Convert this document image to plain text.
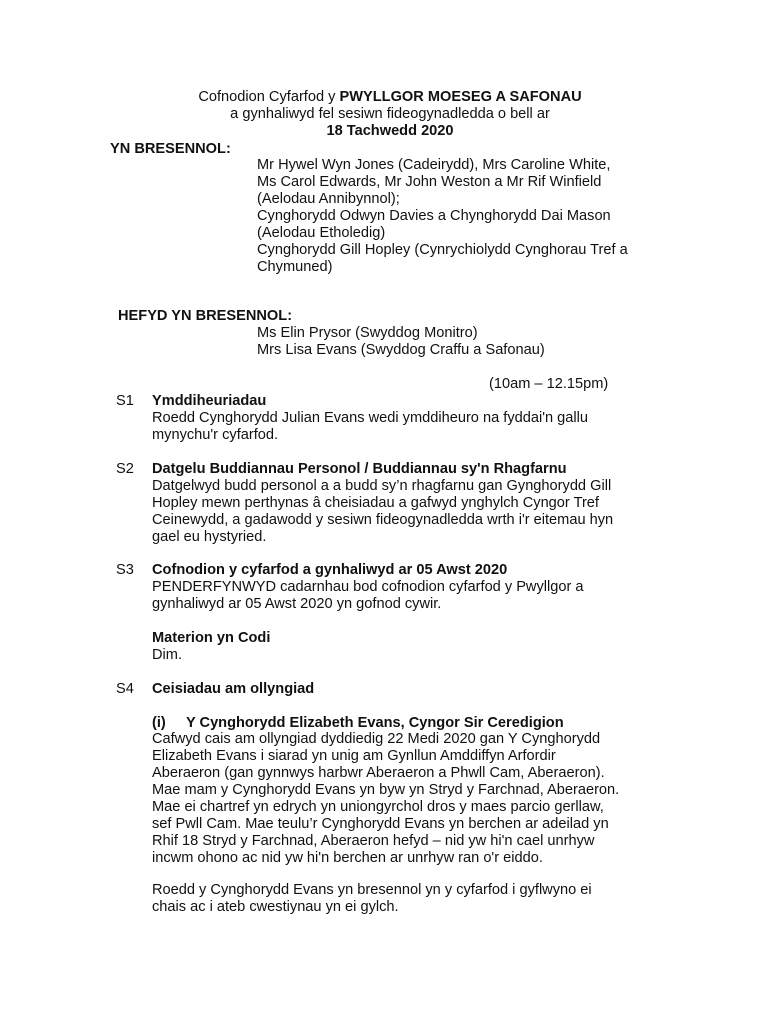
Cofnodion Cyfarfod y PWYLLGOR MOESEG A SAFONAU
a gynhaliwyd fel sesiwn fideogynadledda o bell ar
18 Tachwedd 2020
YN BRESENNOL:
Mr Hywel Wyn Jones (Cadeirydd), Mrs Caroline White,
Ms Carol Edwards, Mr John Weston a Mr Rif Winfield
(Aelodau Annibynnol);
Cynghorydd Odwyn Davies a Chynghorydd Dai Mason
(Aelodau Etholedig)
Cynghorydd Gill Hopley (Cynrychiolydd Cynghorau Tref a
Chymuned)
HEFYD YN BRESENNOL:
Ms Elin Prysor (Swyddog Monitro)
Mrs Lisa Evans (Swyddog Craffu a Safonau)
(10am – 12.15pm)
S1 Ymddiheuriadau
Roedd Cynghorydd Julian Evans wedi ymddiheuro na fyddai'n gallu
mynychu'r cyfarfod.
S2 Datgelu Buddiannau Personol / Buddiannau sy'n Rhagfarnu
Datgelwyd budd personol a a budd sy’n rhagfarnu gan Gynghorydd Gill
Hopley mewn perthynas â cheisiadau a gafwyd ynghylch Cyngor Tref
Ceinewydd, a gadawodd y sesiwn fideogynadledda wrth i'r eitemau hyn
gael eu hystyried.
S3 Cofnodion y cyfarfod a gynhaliwyd ar 05 Awst 2020
PENDERFYNWYD cadarnhau bod cofnodion cyfarfod y Pwyllgor a
gynhaliwyd ar 05 Awst 2020 yn gofnod cywir.
Materion yn Codi
Dim.
S4 Ceisiadau am ollyngiad
(i) Y Cynghorydd Elizabeth Evans, Cyngor Sir Ceredigion
Cafwyd cais am ollyngiad dyddiedig 22 Medi 2020 gan Y Cynghorydd
Elizabeth Evans i siarad yn unig am Gynllun Amddiffyn Arfordir
Aberaeron (gan gynnwys harbwr Aberaeron a Phwll Cam, Aberaeron).
Mae mam y Cynghorydd Evans yn byw yn Stryd y Farchnad, Aberaeron.
Mae ei chartref yn edrych yn uniongyrchol dros y maes parcio gerllaw,
sef Pwll Cam. Mae teulu’r Cynghorydd Evans yn berchen ar adeilad yn
Rhif 18 Stryd y Farchnad, Aberaeron hefyd – nid yw hi'n cael unrhyw
incwm ohono ac nid yw hi'n berchen ar unrhyw ran o'r eiddo.
Roedd y Cynghorydd Evans yn bresennol yn y cyfarfod i gyflwyno ei
chais ac i ateb cwestiynau yn ei gylch.
